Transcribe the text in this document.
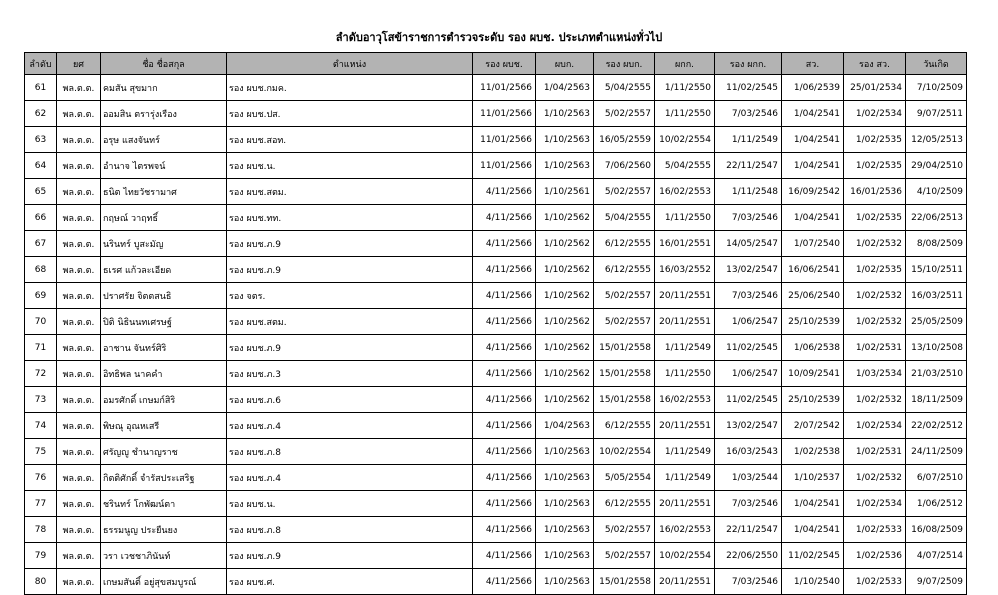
ลำดับอาวุโสข้าราชการตำรวจระดับ รอง ผบช. ประเภทตำแหน่งทั่วไป
ลำดับ	ยศ	ชื่อ ชื่อสกุล	ตำแหน่ง	รอง ผบช.	ผบก.	รอง ผบก.	ผกก.	รอง ผกก.	สว.	รอง สว.	วันเกิด
61	พล.ต.ต.	คมสัน สุขมาก	รอง ผบช.กมค.	11/01/2566	1/04/2563	5/04/2555	1/11/2550	11/02/2545	1/06/2539	25/01/2534	7/10/2509
62	พล.ต.ต.	ออมสิน ตรารุ่งเรือง	รอง ผบช.ปส.	11/01/2566	1/10/2563	5/02/2557	1/11/2550	7/03/2546	1/04/2541	1/02/2534	9/07/2511
63	พล.ต.ต.	อรุษ แสงจันทร์	รอง ผบช.สอท.	11/01/2566	1/10/2563	16/05/2559	10/02/2554	1/11/2549	1/04/2541	1/02/2535	12/05/2513
64	พล.ต.ต.	อำนาจ ไตรพจน์	รอง ผบช.น.	11/01/2566	1/10/2563	7/06/2560	5/04/2555	22/11/2547	1/04/2541	1/02/2535	29/04/2510
65	พล.ต.ต.	ธนิต ไทยวัชรามาศ	รอง ผบช.สตม.	4/11/2566	1/10/2561	5/02/2557	16/02/2553	1/11/2548	16/09/2542	16/01/2536	4/10/2509
66	พล.ต.ต.	กฤษณ์ วาฤทธิ์	รอง ผบช.ทท.	4/11/2566	1/10/2562	5/04/2555	1/11/2550	7/03/2546	1/04/2541	1/02/2535	22/06/2513
67	พล.ต.ต.	นรินทร์ บูสะมัญ	รอง ผบช.ภ.9	4/11/2566	1/10/2562	6/12/2555	16/01/2551	14/05/2547	1/07/2540	1/02/2532	8/08/2509
68	พล.ต.ต.	ธเรศ แก้วละเอียด	รอง ผบช.ภ.9	4/11/2566	1/10/2562	6/12/2555	16/03/2552	13/02/2547	16/06/2541	1/02/2535	15/10/2511
69	พล.ต.ต.	ปราศรัย จิตตสนธิ	รอง จตร.	4/11/2566	1/10/2562	5/02/2557	20/11/2551	7/03/2546	25/06/2540	1/02/2532	16/03/2511
70	พล.ต.ต.	ปิติ นิธินนทเศรษฐ์	รอง ผบช.สตม.	4/11/2566	1/10/2562	5/02/2557	20/11/2551	1/06/2547	25/10/2539	1/02/2532	25/05/2509
71	พล.ต.ต.	อาชาน จันทร์ศิริ	รอง ผบช.ภ.9	4/11/2566	1/10/2562	15/01/2558	1/11/2549	11/02/2545	1/06/2538	1/02/2531	13/10/2508
72	พล.ต.ต.	อิทธิพล นาคคำ	รอง ผบช.ภ.3	4/11/2566	1/10/2562	15/01/2558	1/11/2550	1/06/2547	10/09/2541	1/03/2534	21/03/2510
73	พล.ต.ต.	อมรศักดิ์ เกษมก์สิริ	รอง ผบช.ภ.6	4/11/2566	1/10/2562	15/01/2558	16/02/2553	11/02/2545	25/10/2539	1/02/2532	18/11/2509
74	พล.ต.ต.	พิษณุ อุณหเสรี	รอง ผบช.ภ.4	4/11/2566	1/04/2563	6/12/2555	20/11/2551	13/02/2547	2/07/2542	1/02/2534	22/02/2512
75	พล.ต.ต.	ศรัญญู ชำนาญราช	รอง ผบช.ภ.8	4/11/2566	1/10/2563	10/02/2554	1/11/2549	16/03/2543	1/02/2538	1/02/2531	24/11/2509
76	พล.ต.ต.	กิตติศักดิ์ จำรัสประเสริฐ	รอง ผบช.ภ.4	4/11/2566	1/10/2563	5/05/2554	1/11/2549	1/03/2544	1/10/2537	1/02/2532	6/07/2510
77	พล.ต.ต.	ชรินทร์ โกพัฒน์ตา	รอง ผบช.น.	4/11/2566	1/10/2563	6/12/2555	20/11/2551	7/03/2546	1/04/2541	1/02/2534	1/06/2512
78	พล.ต.ต.	ธรรมนูญ ประยืนยง	รอง ผบช.ภ.8	4/11/2566	1/10/2563	5/02/2557	16/02/2553	22/11/2547	1/04/2541	1/02/2533	16/08/2509
79	พล.ต.ต.	วรา เวชชาภินันท์	รอง ผบช.ภ.9	4/11/2566	1/10/2563	5/02/2557	10/02/2554	22/06/2550	11/02/2545	1/02/2536	4/07/2514
80	พล.ต.ต.	เกษมสันติ์ อยู่สุขสมบูรณ์	รอง ผบช.ศ.	4/11/2566	1/10/2563	15/01/2558	20/11/2551	7/03/2546	1/10/2540	1/02/2533	9/07/2509
